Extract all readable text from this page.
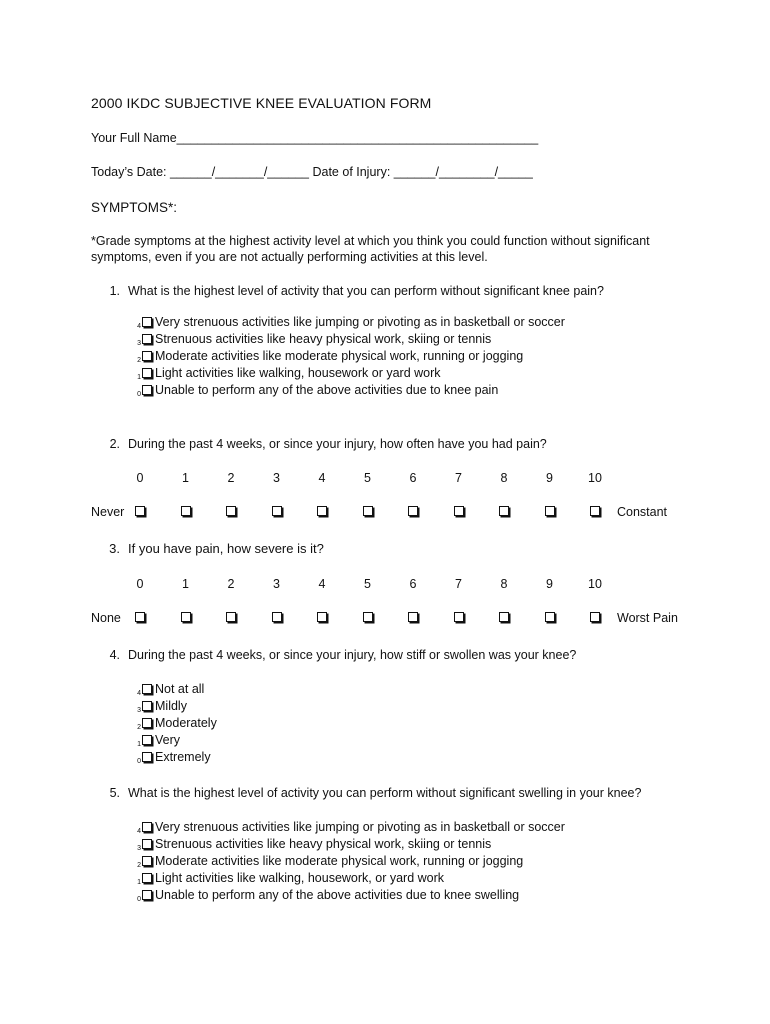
2000 IKDC SUBJECTIVE KNEE EVALUATION FORM
Your Full Name____________________________________________________
Today’s Date: ______/_______/______ Date of Injury: ______/________/_____
SYMPTOMS*:
*Grade symptoms at the highest activity level at which you think you could function without significant
symptoms, even if you are not actually performing activities at this level.
1. What is the highest level of activity that you can perform without significant knee pain?
4 Very strenuous activities like jumping or pivoting as in basketball or soccer
3 Strenuous activities like heavy physical work, skiing or tennis
2 Moderate activities like moderate physical work, running or jogging
1 Light activities like walking, housework or yard work
0 Unable to perform any of the above activities due to knee pain
2. During the past 4 weeks, or since your injury, how often have you had pain?
0	1	2	3	4	5	6	7	8	9	10
Never	Constant
3. If you have pain, how severe is it?
0	1	2	3	4	5	6	7	8	9	10
None	Worst Pain
4. During the past 4 weeks, or since your injury, how stiff or swollen was your knee?
4 Not at all
3 Mildly
2 Moderately
1 Very
0 Extremely
5. What is the highest level of activity you can perform without significant swelling in your knee?
4 Very strenuous activities like jumping or pivoting as in basketball or soccer
3 Strenuous activities like heavy physical work, skiing or tennis
2 Moderate activities like moderate physical work, running or jogging
1 Light activities like walking, housework, or yard work
0 Unable to perform any of the above activities due to knee swelling
